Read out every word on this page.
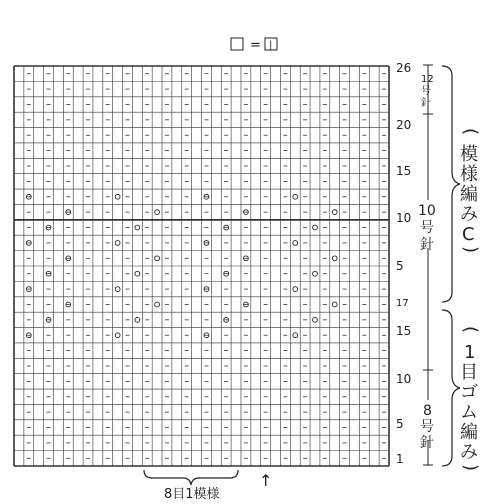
= |
1
5
10
15
17
5
10
15
20
26
12
号
針
10
号
針
8
号
針
(
模
様
編
み
C
)
(
1
目
ゴ
ム
編
み
)
8目1模様
↑
